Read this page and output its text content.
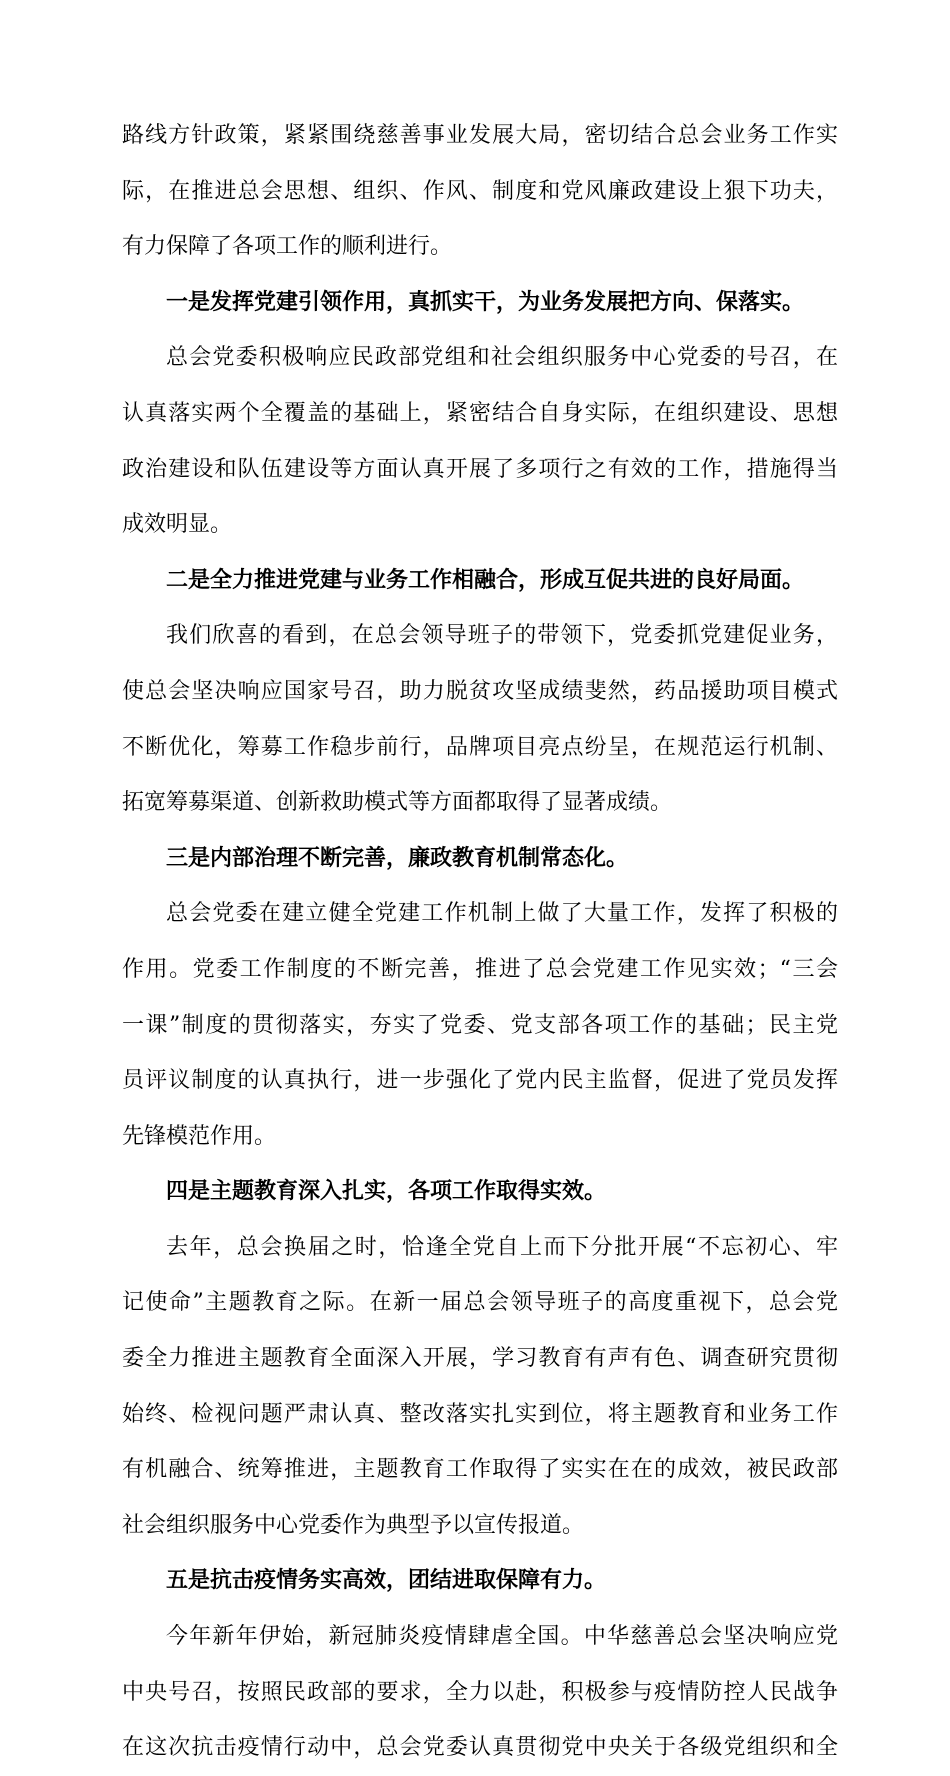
路线方针政策，紧紧围绕慈善事业发展大局，密切结合总会业务工作实
际，在推进总会思想、组织、作风、制度和党风廉政建设上狠下功夫，
有力保障了各项工作的顺利进行。
一是发挥党建引领作用，真抓实干，为业务发展把方向、保落实。
总会党委积极响应民政部党组和社会组织服务中心党委的号召，在
认真落实两个全覆盖的基础上，紧密结合自身实际，在组织建设、思想
政治建设和队伍建设等方面认真开展了多项行之有效的工作，措施得当
成效明显。
二是全力推进党建与业务工作相融合，形成互促共进的良好局面。
我们欣喜的看到，在总会领导班子的带领下，党委抓党建促业务，
使总会坚决响应国家号召，助力脱贫攻坚成绩斐然，药品援助项目模式
不断优化，筹募工作稳步前行，品牌项目亮点纷呈，在规范运行机制、
拓宽筹募渠道、创新救助模式等方面都取得了显著成绩。
三是内部治理不断完善，廉政教育机制常态化。
总会党委在建立健全党建工作机制上做了大量工作，发挥了积极的
作用。党委工作制度的不断完善，推进了总会党建工作见实效；“三会
一课”制度的贯彻落实，夯实了党委、党支部各项工作的基础；民主党
员评议制度的认真执行，进一步强化了党内民主监督，促进了党员发挥
先锋模范作用。
四是主题教育深入扎实，各项工作取得实效。
去年，总会换届之时，恰逢全党自上而下分批开展“不忘初心、牢
记使命”主题教育之际。在新一届总会领导班子的高度重视下，总会党
委全力推进主题教育全面深入开展，学习教育有声有色、调查研究贯彻
始终、检视问题严肃认真、整改落实扎实到位，将主题教育和业务工作
有机融合、统筹推进，主题教育工作取得了实实在在的成效，被民政部
社会组织服务中心党委作为典型予以宣传报道。
五是抗击疫情务实高效，团结进取保障有力。
今年新年伊始，新冠肺炎疫情肆虐全国。中华慈善总会坚决响应党
中央号召，按照民政部的要求，全力以赴，积极参与疫情防控人民战争
在这次抗击疫情行动中，总会党委认真贯彻党中央关于各级党组织和全
